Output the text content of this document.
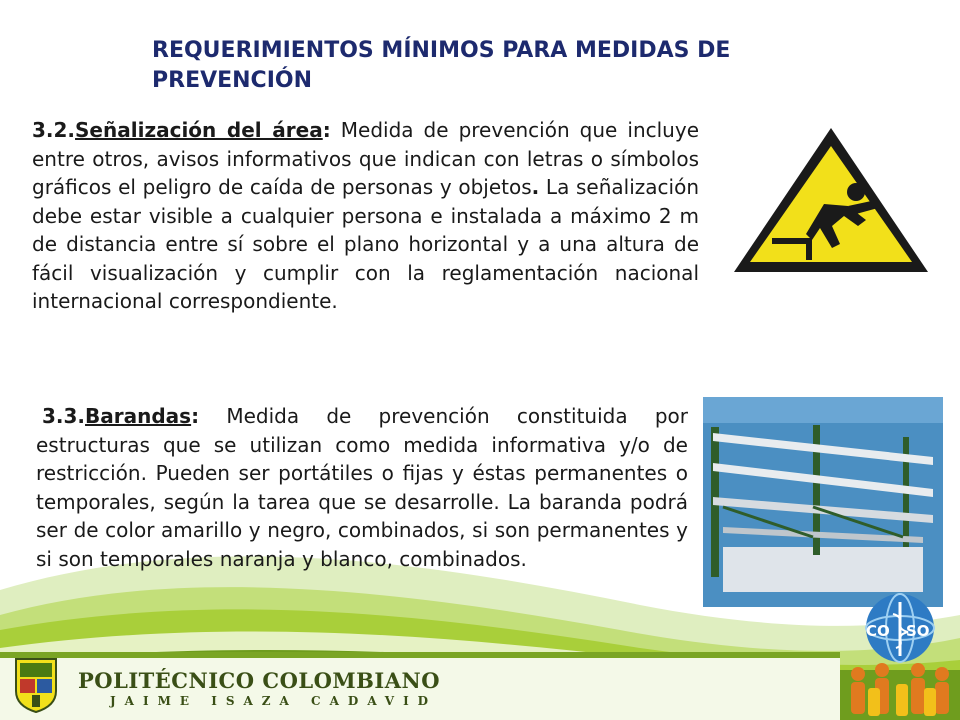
REQUERIMIENTOS MÍNIMOS PARA MEDIDAS DE PREVENCIÓN
3.2.Señalización del área: Medida de prevención que incluye entre otros, avisos informativos que indican con letras o símbolos gráficos el peligro de caída de personas y objetos. La señalización debe estar visible a cualquier persona e instalada a máximo 2 m de distancia entre sí sobre el plano horizontal y a una altura de fácil visualización y cumplir con la reglamentación nacional internacional correspondiente.
3.3.Barandas: Medida de prevención constituida por estructuras que se utilizan como medida informativa y/o de restricción. Pueden ser portátiles o fijas y éstas permanentes o temporales, según la tarea que se desarrolle. La baranda podrá ser de color amarillo y negro, combinados, si son permanentes y si son temporales naranja y blanco, combinados.
POLITÉCNICO COLOMBIANO
JAIME ISAZA CADAVID
CO SO
